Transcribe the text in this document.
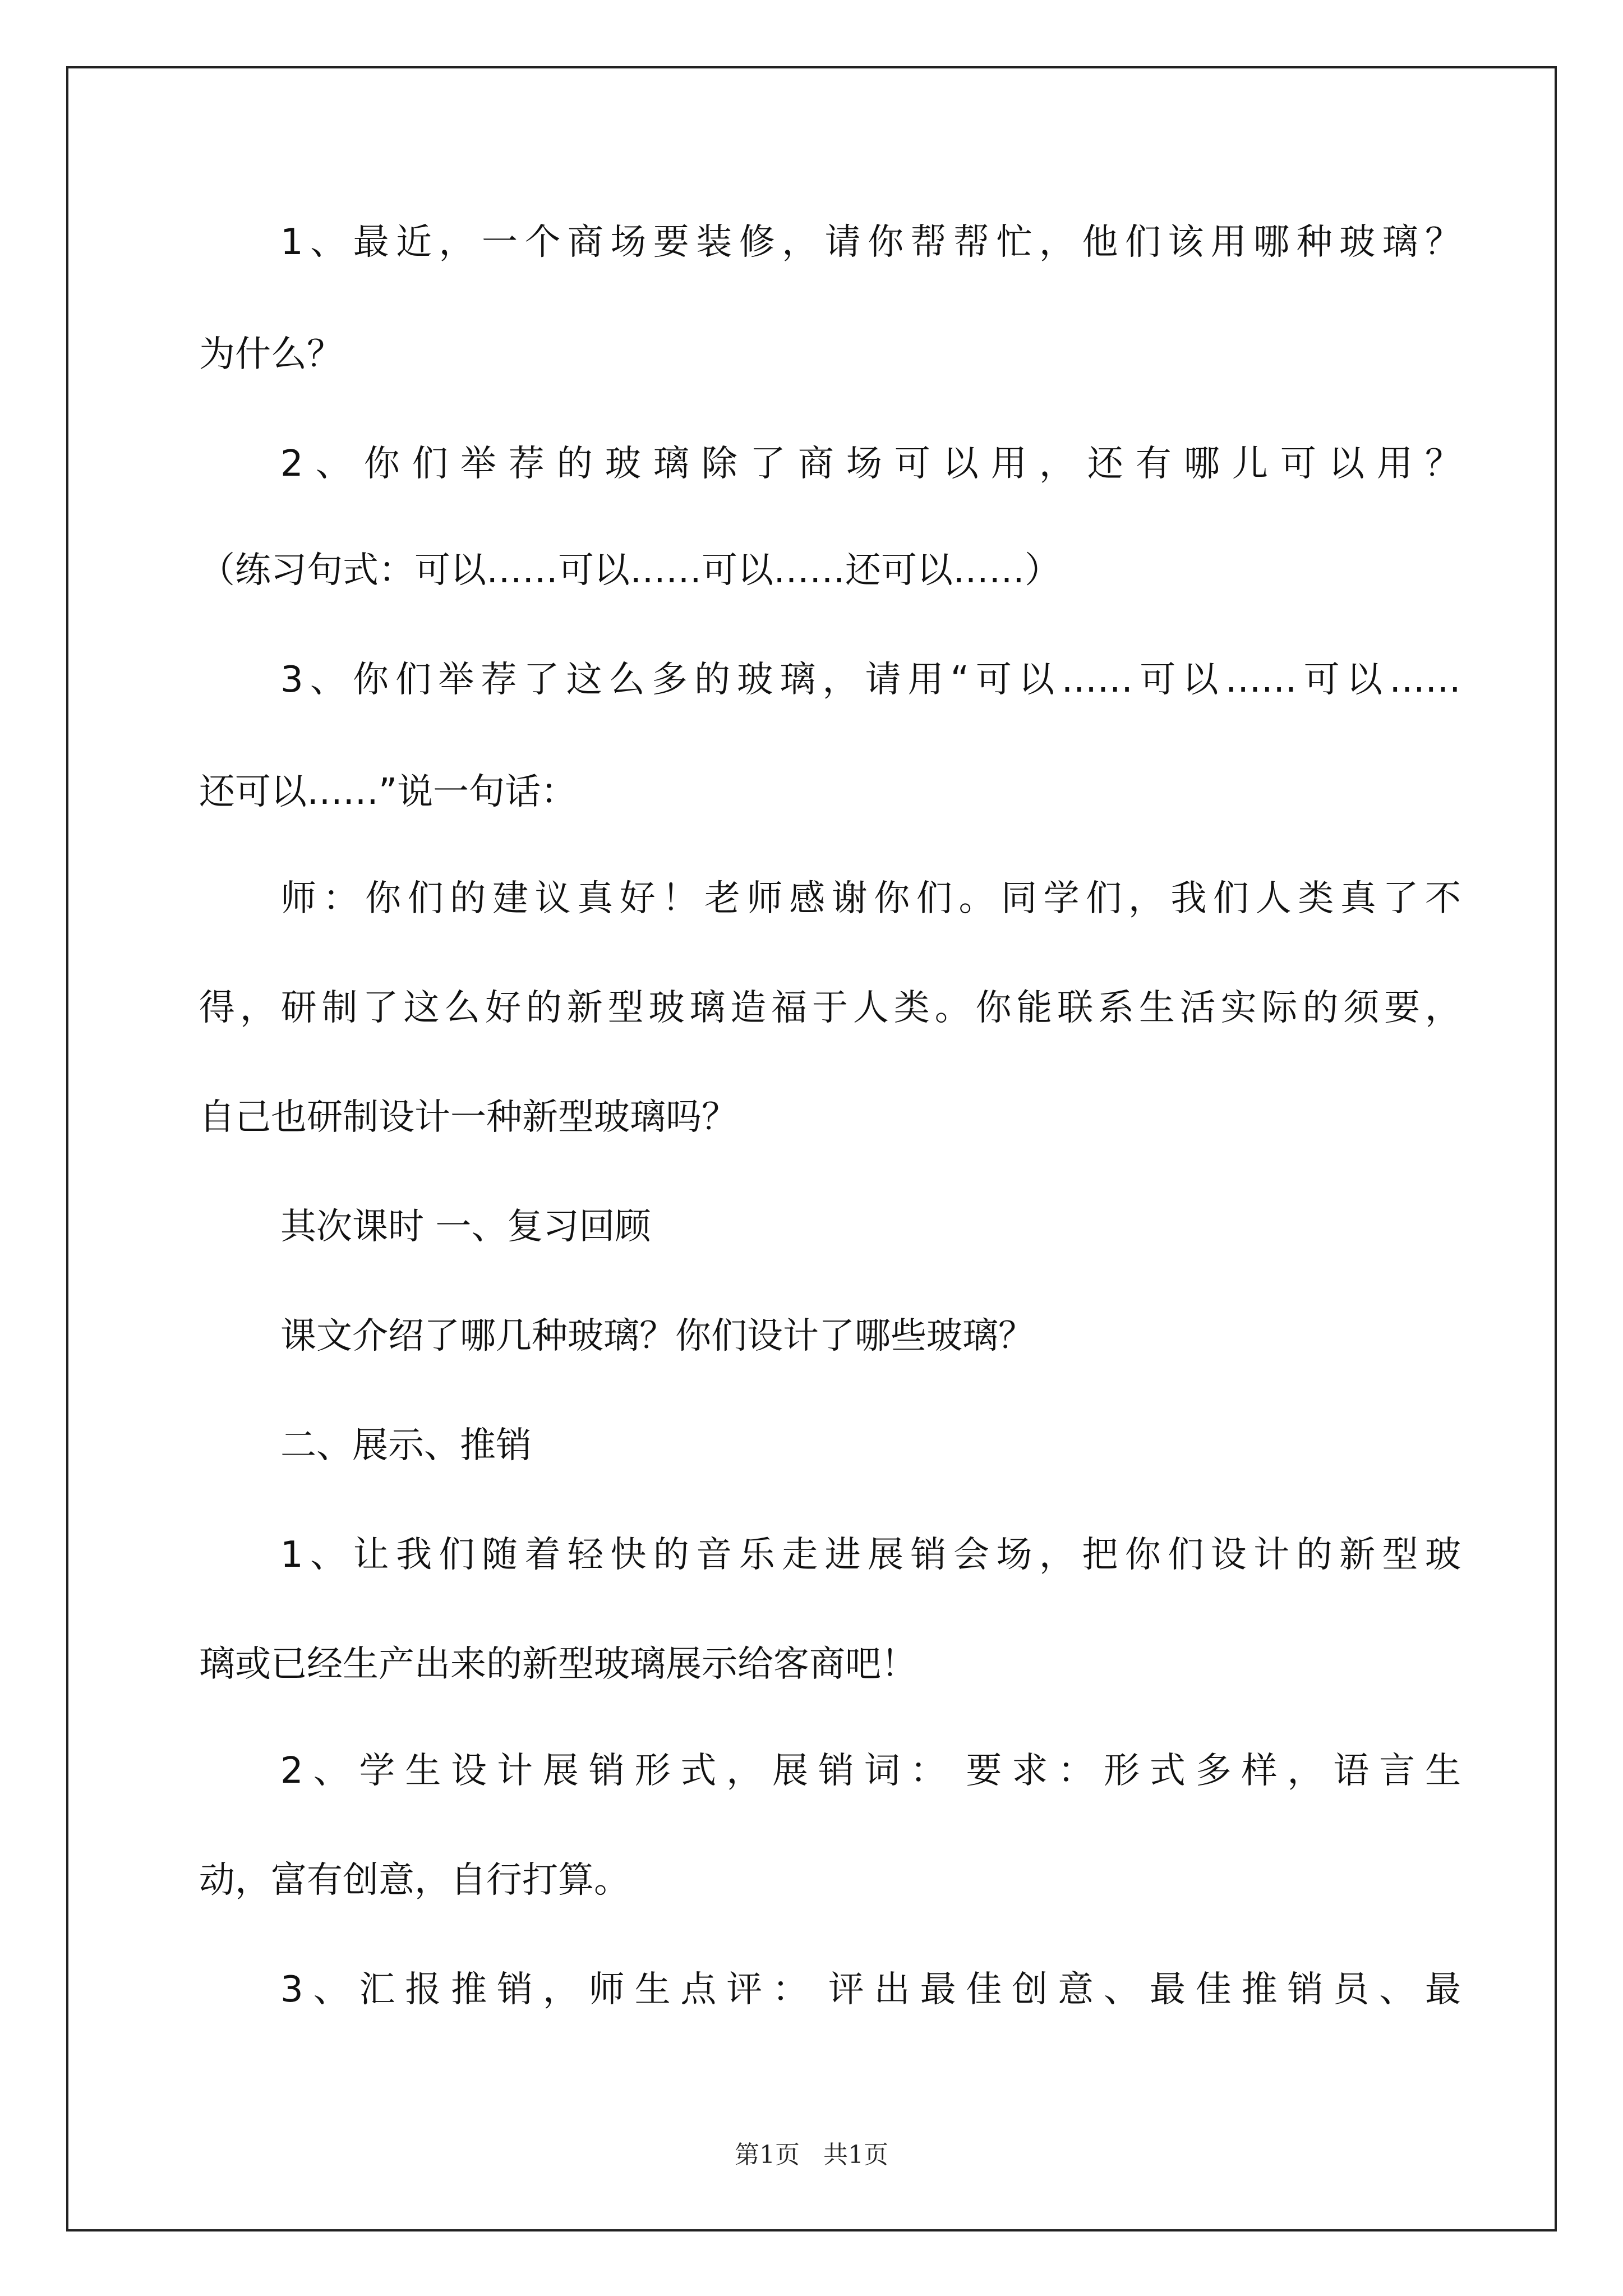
1、最近，一个商场要装修，请你帮帮忙，他们该用哪种玻璃？
为什么？
2、你们举荐的玻璃除了商场可以用，还有哪儿可以用？
（练习句式：可以……可以……可以……还可以……）
3、你们举荐了这么多的玻璃，请用“可以……可以……可以……
还可以……”说一句话：
师：你们的建议真好！老师感谢你们。同学们，我们人类真了不
得，研制了这么好的新型玻璃造福于人类。你能联系生活实际的须要，
自己也研制设计一种新型玻璃吗？
其次课时 一、复习回顾
课文介绍了哪几种玻璃？你们设计了哪些玻璃？
二、展示、推销
1、让我们随着轻快的音乐走进展销会场，把你们设计的新型玻
璃或已经生产出来的新型玻璃展示给客商吧！
2、学生设计展销形式，展销词：要求：形式多样，语言生
动，富有创意，自行打算。
3、汇报推销，师生点评：评出最佳创意、最佳推销员、最
第1页 共1页
